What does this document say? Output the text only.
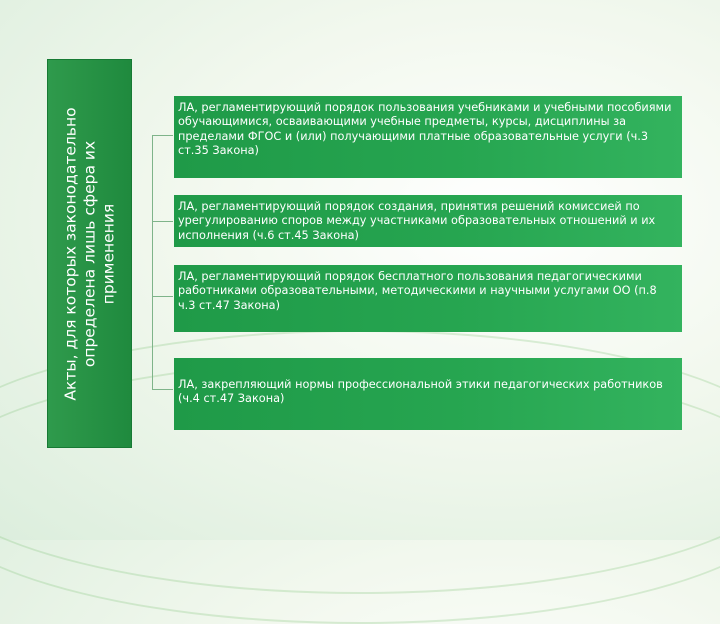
Акты, для которых законодательно
определена лишь сфера их
применения
ЛА, регламентирующий порядок пользования учебниками и учебными пособиями обучающимися, осваивающими учебные предметы, курсы, дисциплины за пределами ФГОС и (или) получающими платные образовательные услуги (ч.3 ст.35 Закона)
ЛА, регламентирующий порядок создания, принятия решений комиссией по урегулированию споров между участниками образовательных отношений и их исполнения (ч.6 ст.45 Закона)
ЛА, регламентирующий порядок бесплатного пользования педагогическими работниками образовательными, методическими и научными услугами ОО (п.8 ч.3 ст.47 Закона)
ЛА, закрепляющий нормы профессиональной этики педагогических работников (ч.4 ст.47 Закона)
